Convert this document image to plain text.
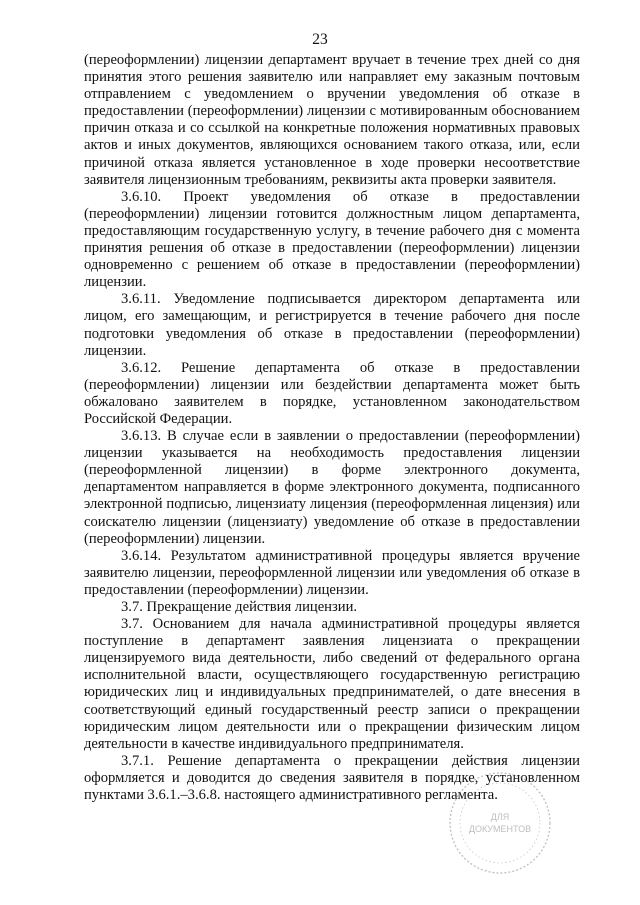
23

(переоформлении) лицензии департамент вручает в течение трех дней со дня принятия этого решения заявителю или направляет ему заказным почтовым отправлением с уведомлением о вручении уведомления об отказе в предоставлении (переоформлении) лицензии с мотивированным обоснованием причин отказа и со ссылкой на конкретные положения нормативных правовых актов и иных документов, являющихся основанием такого отказа, или, если причиной отказа является установленное в ходе проверки несоответствие заявителя лицензионным требованиям, реквизиты акта проверки заявителя.

3.6.10. Проект уведомления об отказе в предоставлении (переоформлении) лицензии готовится должностным лицом департамента, предоставляющим государственную услугу, в течение рабочего дня с момента принятия решения об отказе в предоставлении (переоформлении) лицензии одновременно с решением об отказе в предоставлении (переоформлении) лицензии.

3.6.11. Уведомление подписывается директором департамента или лицом, его замещающим, и регистрируется в течение рабочего дня после подготовки уведомления об отказе в предоставлении (переоформлении) лицензии.

3.6.12. Решение департамента об отказе в предоставлении (переоформлении) лицензии или бездействии департамента может быть обжаловано заявителем в порядке, установленном законодательством Российской Федерации.

3.6.13. В случае если в заявлении о предоставлении (переоформлении) лицензии указывается на необходимость предоставления лицензии (переоформленной лицензии) в форме электронного документа, департаментом направляется в форме электронного документа, подписанного электронной подписью, лицензиату лицензия (переоформленная лицензия) или соискателю лицензии (лицензиату) уведомление об отказе в предоставлении (переоформлении) лицензии.

3.6.14. Результатом административной процедуры является вручение заявителю лицензии, переоформленной лицензии или уведомления об отказе в предоставлении (переоформлении) лицензии.

3.7. Прекращение действия лицензии.

3.7. Основанием для начала административной процедуры является поступление в департамент заявления лицензиата о прекращении лицензируемого вида деятельности, либо сведений от федерального органа исполнительной власти, осуществляющего государственную регистрацию юридических лиц и индивидуальных предпринимателей, о дате внесения в соответствующий единый государственный реестр записи о прекращении юридическим лицом деятельности или о прекращении физическим лицом деятельности в качестве индивидуального предпринимателя.

3.7.1. Решение департамента о прекращении действия лицензии оформляется и доводится до сведения заявителя в порядке, установленном пунктами 3.6.1.–3.6.8. настоящего административного регламента.

ДЛЯ
ДОКУМЕНТОВ
